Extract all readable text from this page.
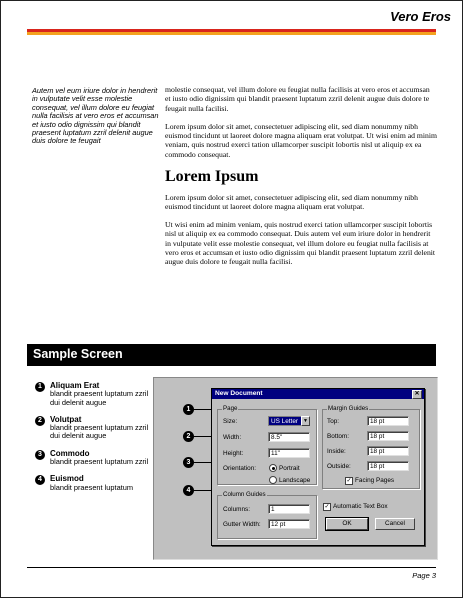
Vero Eros
Autem vel eum iriure dolor in hendrerit in vulputate velit esse molestie consequat, vel illum dolore eu feugiat nulla facilisis at vero eros et accumsan et iusto odio dignissim qui blandit praesent luptatum zzril delenit augue duis dolore te feugait

molestie consequat, vel illum dolore eu feugiat nulla facilisis at vero eros et accumsan et iusto odio dignissim qui blandit praesent luptatum zzril delenit augue duis dolore te feugait nulla facilisi.

Lorem ipsum dolor sit amet, consectetuer adipiscing elit, sed diam nonummy nibh euismod tincidunt ut laoreet dolore magna aliquam erat volutpat. Ut wisi enim ad minim veniam, quis nostrud exerci tation ullamcorper suscipit lobortis nisl ut aliquip ex ea commodo consequat.

Lorem Ipsum

Lorem ipsum dolor sit amet, consectetuer adipiscing elit, sed diam nonummy nibh euismod tincidunt ut laoreet dolore magna aliquam erat volutpat.

Ut wisi enim ad minim veniam, quis nostrud exerci tation ullamcorper suscipit lobortis nisl ut aliquip ex ea commodo consequat. Duis autem vel eum iriure dolor in hendrerit in vulputate velit esse molestie consequat, vel illum dolore eu feugiat nulla facilisis at vero eros et accumsan et iusto odio dignissim qui blandit praesent luptatum zzril delenit augue duis dolore te feugait nulla facilisi.

Sample Screen
1	Aliquam Erat
blandit praesent luptatum zzril dui delenit augue
2	Volutpat
blandit praesent luptatum zzril dui delenit augue
3	Commodo
blandit praesent luptatum zzril
4	Euismod
blandit praesent luptatum
1
2
3
4
New Document	✕
Page
Size:	US Letter	▼
Width:	8.5"
Height:	11"
Orientation:	Portrait
Landscape
Margin Guides
Top:	18 pt
Bottom:	18 pt
Inside:	18 pt
Outside:	18 pt
✓ Facing Pages
Column Guides
Columns:	1
Gutter Width:	12 pt
✓ Automatic Text Box
OK	Cancel
Page 3
